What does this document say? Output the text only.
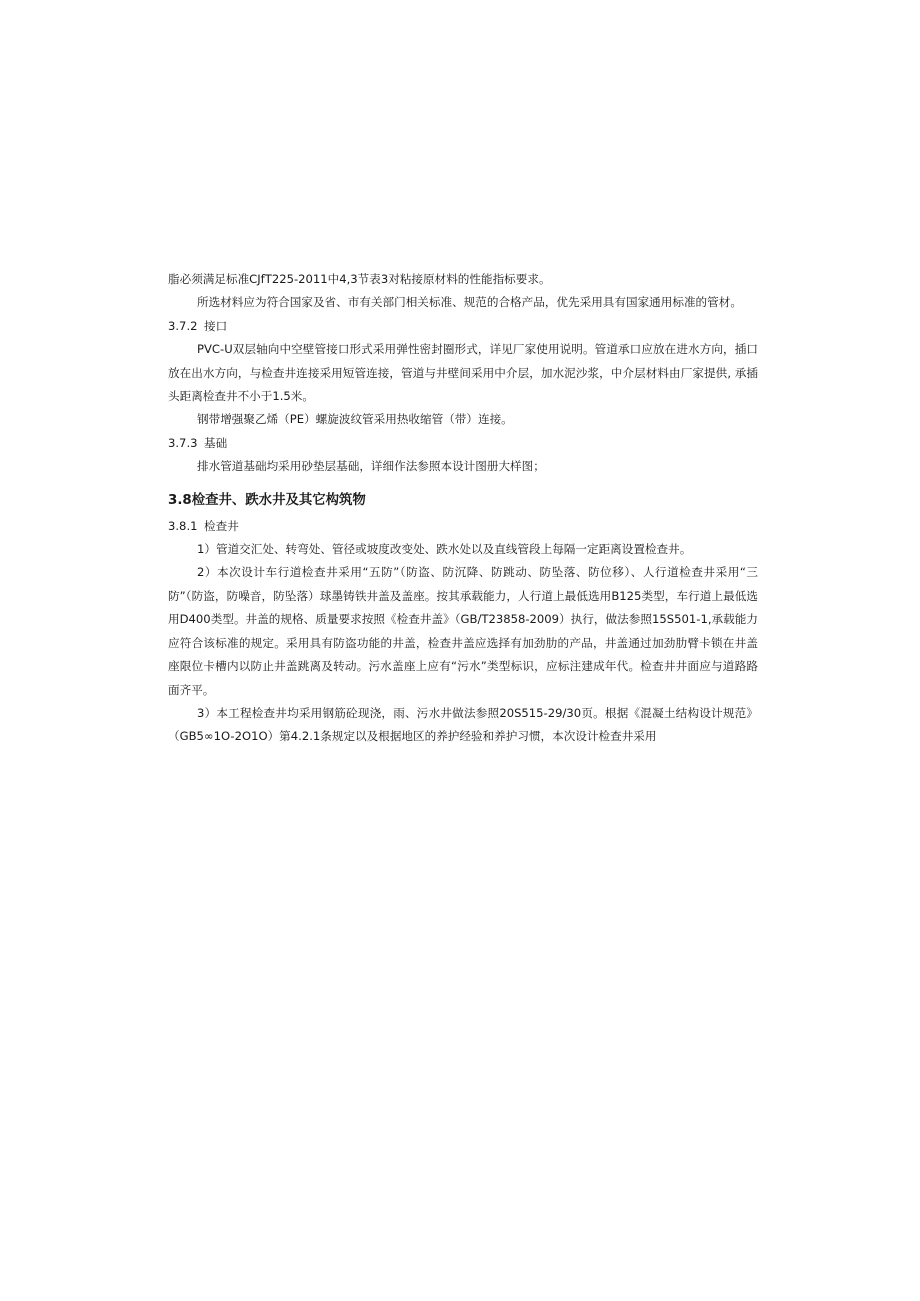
脂必须满足标准CJfT225-2011中4,3节表3对粘接原材料的性能指标要求。

所选材料应为符合国家及省、市有关部门相关标准、规范的合格产品，优先采用具有国家通用标准的管材。

3.7.2 接口

PVC-U双层轴向中空壁管接口形式采用弹性密封圈形式，详见厂家使用说明。管道承口应放在进水方向，插口放在出水方向，与检查井连接采用短管连接，管道与井壁间采用中介层，加水泥沙浆，中介层材料由厂家提供, 承插头距离检查井不小于1.5米。

钢带增强聚乙烯（PE）螺旋波纹管采用热收缩管（带）连接。

3.7.3 基础

排水管道基础均采用砂垫层基础，详细作法参照本设计图册大样图；

3.8检查井、跌水井及其它构筑物

3.8.1 检查井

1）管道交汇处、转弯处、管径或坡度改变处、跌水处以及直线管段上每隔一定距离设置检查井。

2）本次设计车行道检查井采用“五防”（防盗、防沉降、防跳动、防坠落、防位移）、人行道检查井采用“三防”（防盗，防噪音，防坠落）球墨铸铁井盖及盖座。按其承载能力，人行道上最低选用B125类型，车行道上最低选用D400类型。井盖的规格、质量要求按照《检查井盖》（GB/T23858-2009）执行，做法参照15S501-1,承载能力应符合该标准的规定。采用具有防盗功能的井盖，检查井盖应选择有加劲肋的产品，井盖通过加劲肋臂卡锁在井盖座限位卡槽内以防止井盖跳离及转动。污水盖座上应有“污水”类型标识，应标注建成年代。检查井井面应与道路路面齐平。

3）本工程检查井均采用钢筋砼现浇，雨、污水井做法参照20S515-29/30页。根据《混凝土结构设计规范》（GB5∞1O-2O1O）第4.2.1条规定以及根据地区的养护经验和养护习惯，本次设计检查井采用
